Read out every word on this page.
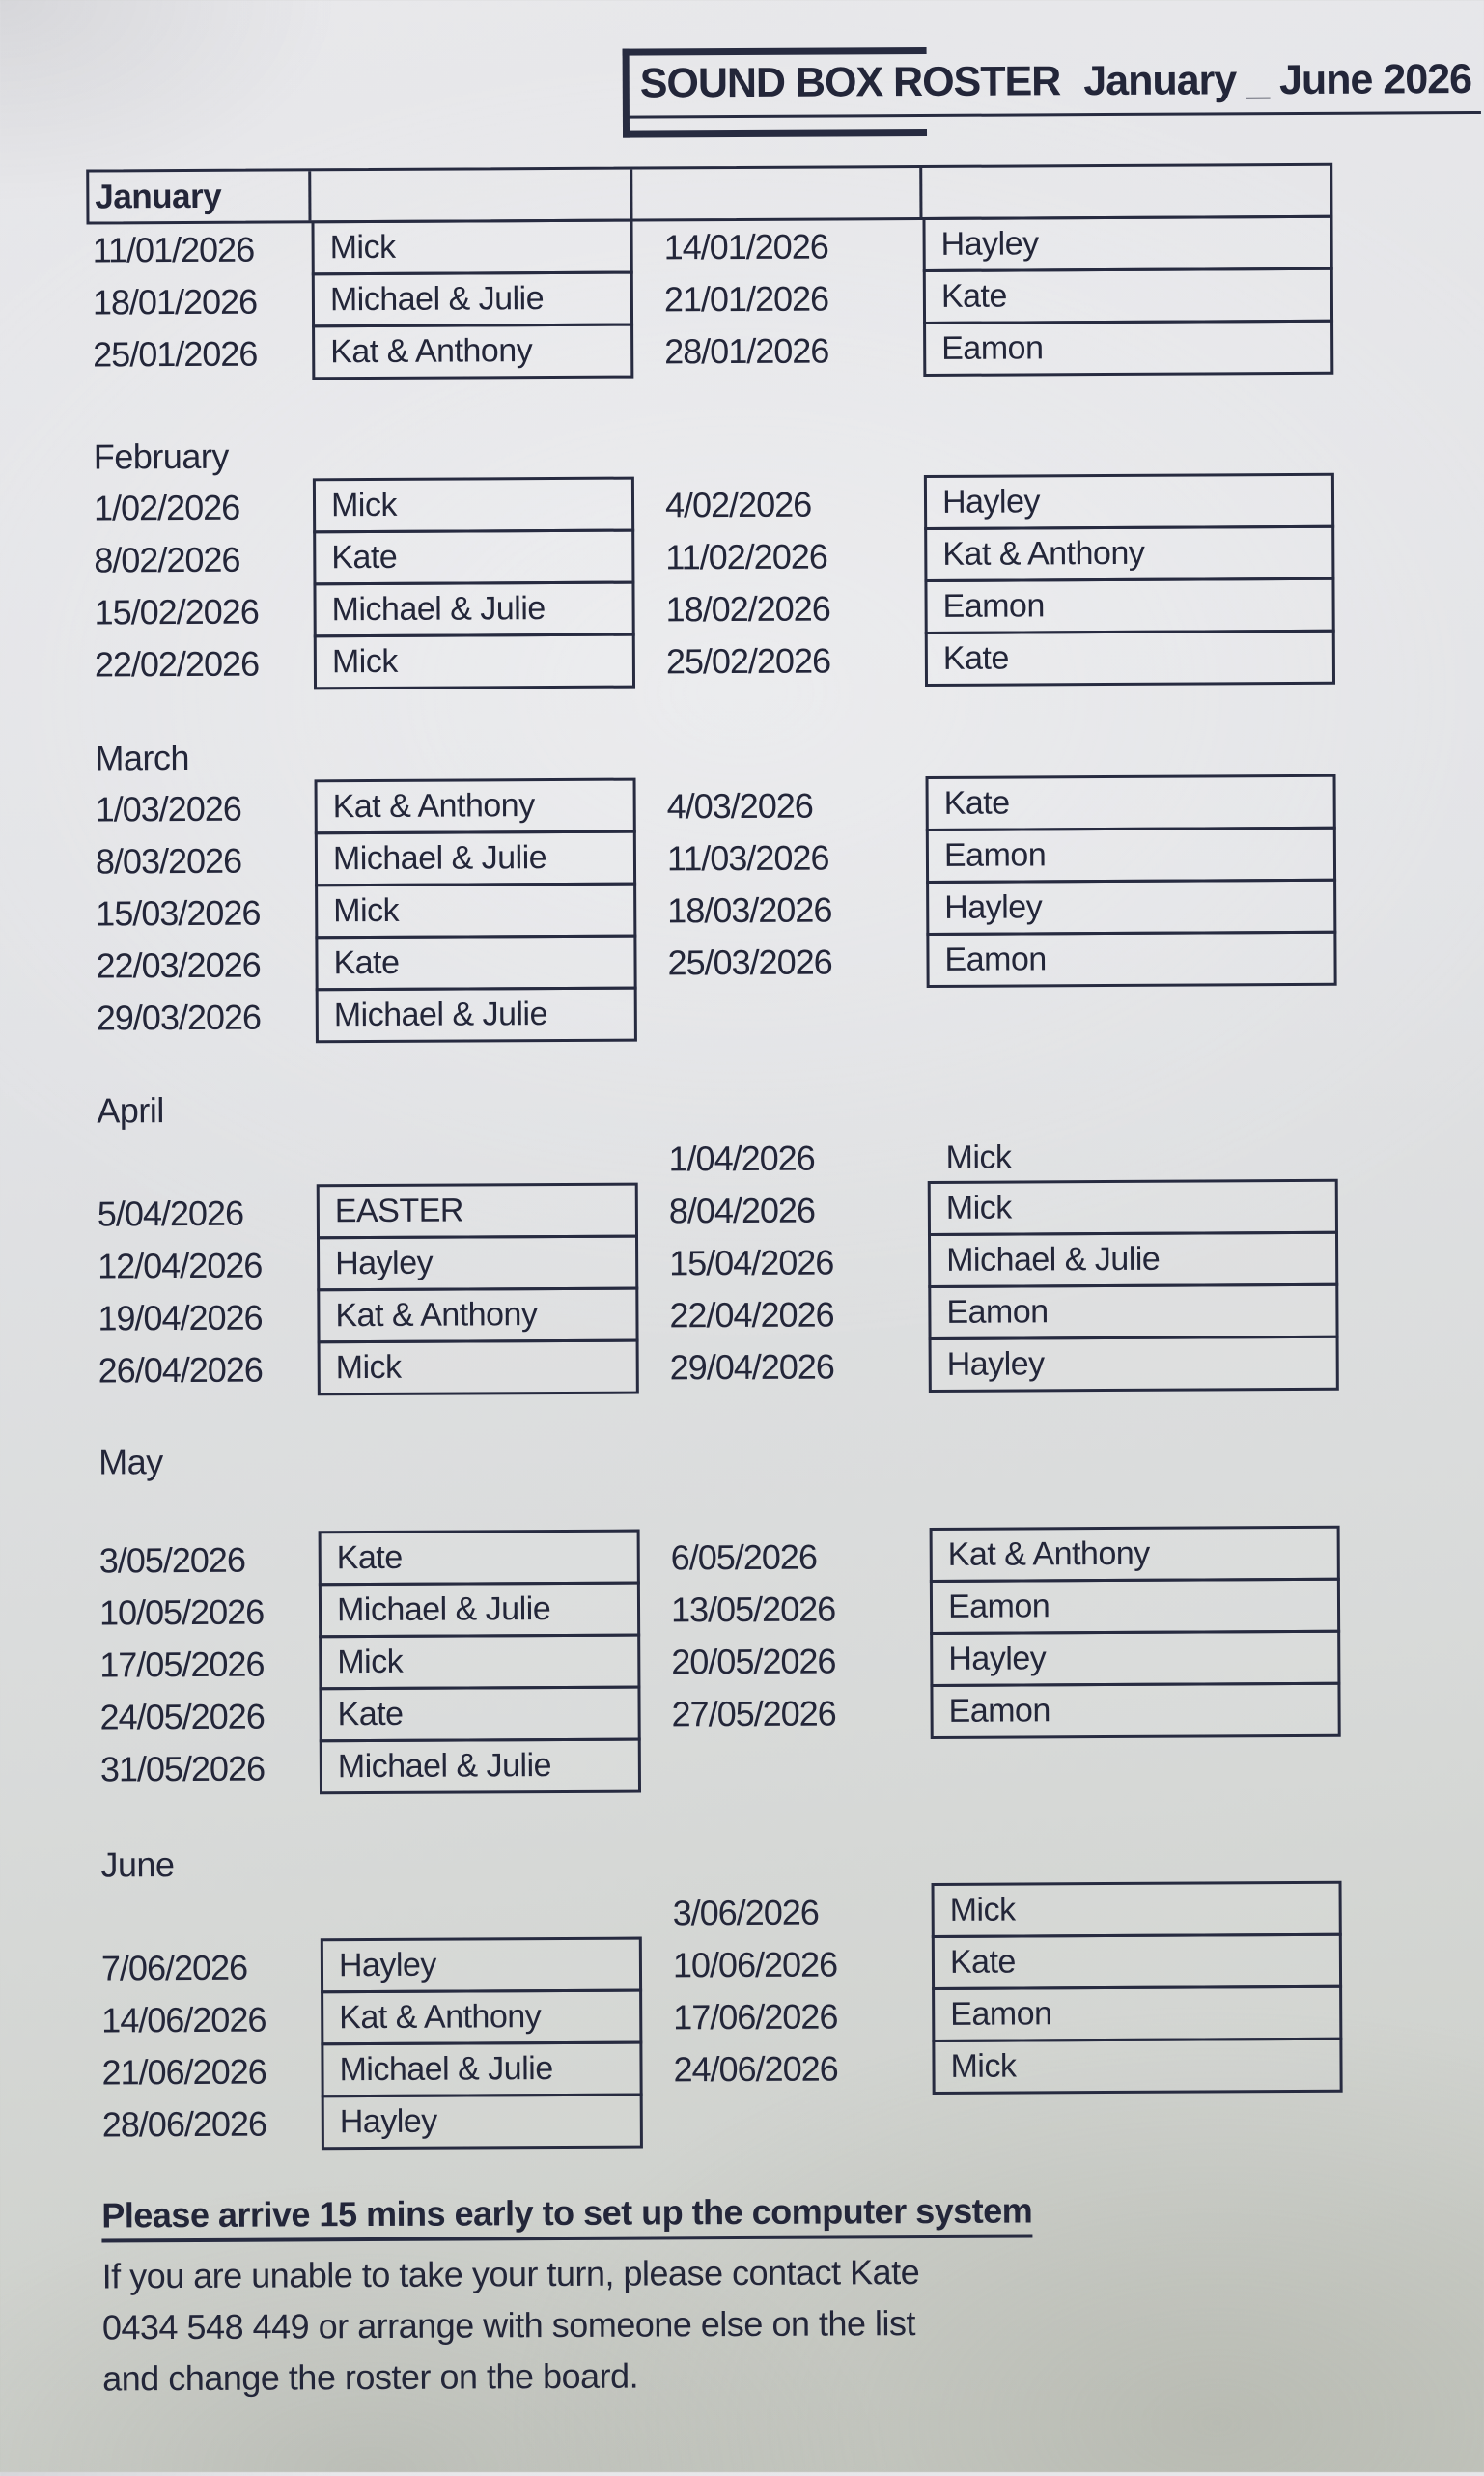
SOUND BOX ROSTER January _ June 2026
January
11/01/2026	Mick	14/01/2026	Hayley
18/01/2026	Michael & Julie	21/01/2026	Kate
25/01/2026	Kat & Anthony	28/01/2026	Eamon
February
1/02/2026	Mick	4/02/2026	Hayley
8/02/2026	Kate	11/02/2026	Kat & Anthony
15/02/2026	Michael & Julie	18/02/2026	Eamon
22/02/2026	Mick	25/02/2026	Kate
March
1/03/2026	Kat & Anthony	4/03/2026	Kate
8/03/2026	Michael & Julie	11/03/2026	Eamon
15/03/2026	Mick	18/03/2026	Hayley
22/03/2026	Kate	25/03/2026	Eamon
29/03/2026	Michael & Julie
April
1/04/2026	Mick
5/04/2026	EASTER	8/04/2026	Mick
12/04/2026	Hayley	15/04/2026	Michael & Julie
19/04/2026	Kat & Anthony	22/04/2026	Eamon
26/04/2026	Mick	29/04/2026	Hayley
May
3/05/2026	Kate	6/05/2026	Kat & Anthony
10/05/2026	Michael & Julie	13/05/2026	Eamon
17/05/2026	Mick	20/05/2026	Hayley
24/05/2026	Kate	27/05/2026	Eamon
31/05/2026	Michael & Julie
June
3/06/2026	Mick
7/06/2026	Hayley	10/06/2026	Kate
14/06/2026	Kat & Anthony	17/06/2026	Eamon
21/06/2026	Michael & Julie	24/06/2026	Mick
28/06/2026	Hayley
Please arrive 15 mins early to set up the computer system
If you are unable to take your turn, please contact Kate
0434 548 449 or arrange with someone else on the list
and change the roster on the board.
